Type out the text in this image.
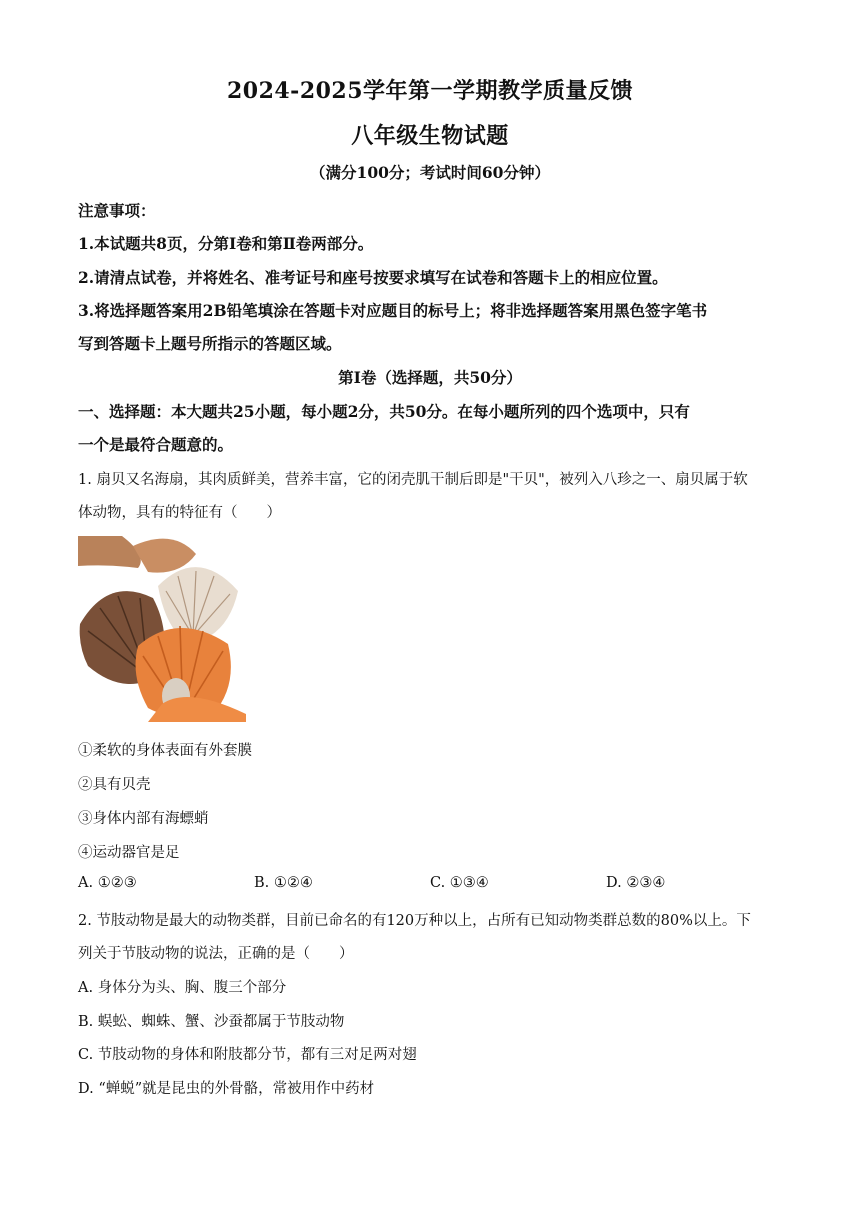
2024-2025学年第一学期教学质量反馈
八年级生物试题
（满分100分；考试时间60分钟）
注意事项：
1.本试题共8页，分第Ⅰ卷和第Ⅱ卷两部分。
2.请清点试卷，并将姓名、准考证号和座号按要求填写在试卷和答题卡上的相应位置。
3.将选择题答案用2B铅笔填涂在答题卡对应题目的标号上；将非选择题答案用黑色签字笔书
写到答题卡上题号所指示的答题区域。
第Ⅰ卷（选择题，共50分）
一、选择题：本大题共25小题，每小题2分，共50分。在每小题所列的四个选项中，只有
一个是最符合题意的。
1. 扇贝又名海扇，其肉质鲜美，营养丰富，它的闭壳肌干制后即是"干贝"，被列入八珍之一、扇贝属于软
体动物，具有的特征有（　　）
①柔软的身体表面有外套膜
②具有贝壳
③身体内部有海螵蛸
④运动器官是足
A. ①②③	B. ①②④	C. ①③④	D. ②③④
2. 节肢动物是最大的动物类群，目前已命名的有120万种以上，占所有已知动物类群总数的80%以上。下
列关于节肢动物的说法，正确的是（　　）
A. 身体分为头、胸、腹三个部分
B. 蜈蚣、蜘蛛、蟹、沙蚕都属于节肢动物
C. 节肢动物的身体和附肢都分节，都有三对足两对翅
D. “蝉蜕”就是昆虫的外骨骼，常被用作中药材
